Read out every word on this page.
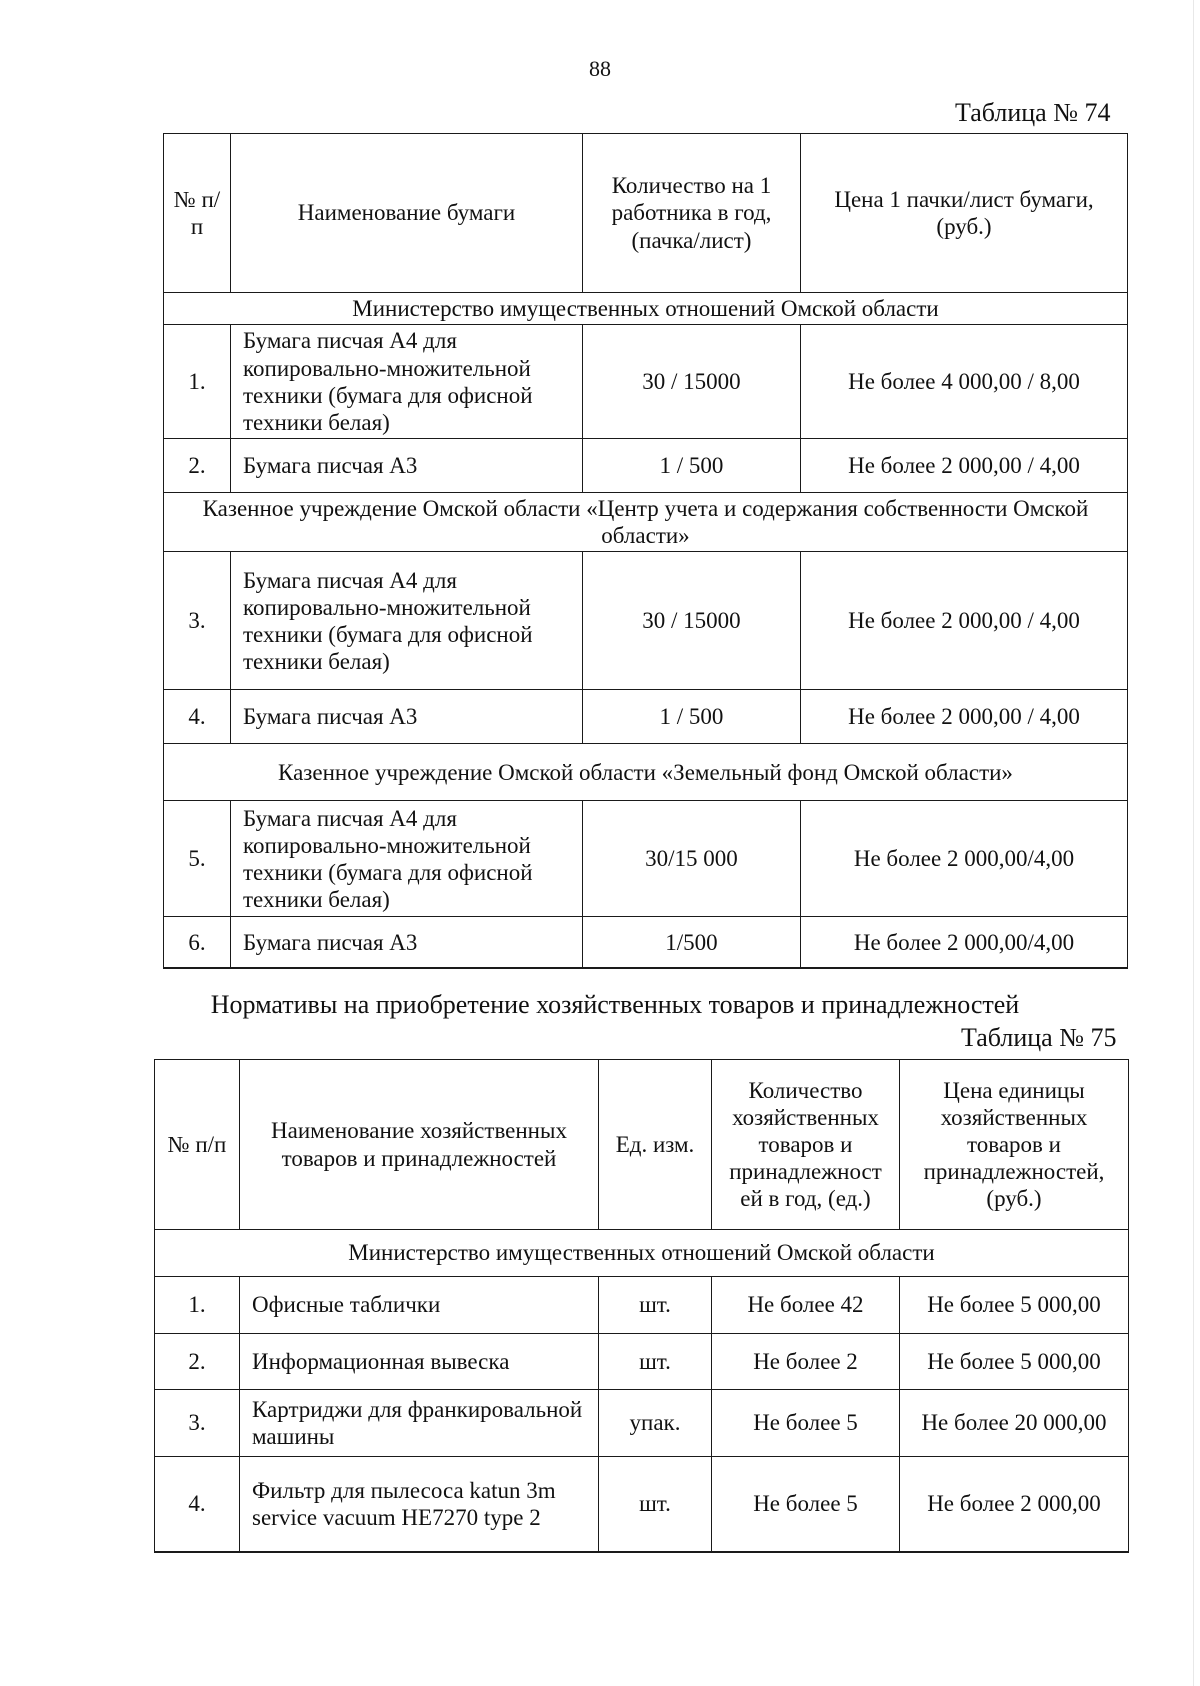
88
Таблица № 74
№ п/п	Наименование бумаги	Количество на 1 работника в год, (пачка/лист)	Цена 1 пачки/лист бумаги, (руб.)
Министерство имущественных отношений Омской области			
1.	Бумага писчая А4 для копировально-множительной техники (бумага для офисной техники белая)	30 / 15000	Не более 4 000,00 / 8,00
2.	Бумага писчая А3	1 / 500	Не более 2 000,00 / 4,00
Казенное учреждение Омской области «Центр учета и содержания собственности Омской области»			
3.	Бумага писчая А4 для копировально-множительной техники (бумага для офисной техники белая)	30 / 15000	Не более 2 000,00 / 4,00
4.	Бумага писчая А3	1 / 500	Не более 2 000,00 / 4,00
Казенное учреждение Омской области «Земельный фонд Омской области»			
5.	Бумага писчая А4 для копировально-множительной техники (бумага для офисной техники белая)	30/15 000	Не более 2 000,00/4,00
6.	Бумага писчая А3	1/500	Не более 2 000,00/4,00
Нормативы на приобретение хозяйственных товаров и принадлежностей
Таблица № 75
№ п/п	Наименование хозяйственных товаров и принадлежностей	Ед. изм.	Количество хозяйственных товаров и принадлежност ей в год, (ед.)	Цена единицы хозяйственных товаров и принадлежностей, (руб.)
Министерство имущественных отношений Омской области				
1.	Офисные таблички	шт.	Не более 42	Не более 5 000,00
2.	Информационная вывеска	шт.	Не более 2	Не более 5 000,00
3.	Картриджи для франкировальной машины	упак.	Не более 5	Не более 20 000,00
4.	Фильтр для пылесоса katun 3m service vacuum HE7270 type 2	шт.	Не более 5	Не более 2 000,00
